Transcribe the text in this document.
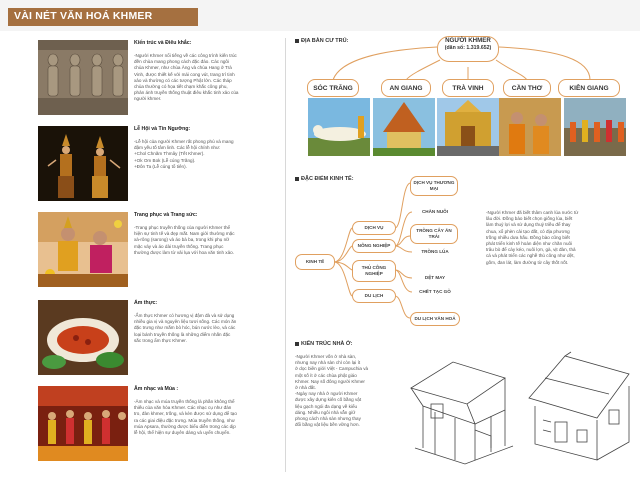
VÀI NÉT VĂN HOÁ KHMER
Kiến trúc và Điêu khắc:

-Người Khmer nổi tiếng về các công trình kiến trúc

đền chùa mang phong cách đặc đáo. Các ngôi

chùa Khmer, như chùa Ăng và chùa Hang ở Trà

Vinh, được thiết kế với mái cong vút, trang trí tinh

xảo và thường có các tượng Phật lớn. Các tháp

chùa thường có họa tiết chạm khắc công phu,

phản ánh truyền thống thuật điêu khắc tinh xảo của

người khmer.

Lễ Hội và Tín Ngưỡng:

-Lễ hội của người Khmer rất phong phú và mang

đậm yếu tố tâm linh. Các lễ hội chính như:

+Chol Chnăm Thmây (Tết Khmer).

+Ok Om Bok (Lễ cúng Trăng).

+Đôn Ta (Lễ cúng tổ tiên).

Trang phục và Trang sức:

-Trang phục truyền thống của người Khmer thể

hiện sự tinh tế và đẹp mắt. Nam giới thường mặc

xà-rông (sarong) và áo bà ba, trong khi phụ nữ

mặc váy và áo dài truyền thống. Trang phục

thường được làm từ vải lụa với hoa văn tinh xảo.

Ẩm thực:

-Ẩm thực Khmer có hương vị đậm đà và sử dụng

nhiều gia vị và nguyên liệu tươi sống. Các món ăn

đặc trưng như mắm bò hóc, bún nước lèo, và các

loại bánh truyền thống là những điểm nhấn đặc

sắc trong ẩm thực Khmer.

Âm nhạc và Múa :

-Âm nhạc và múa truyền thống là phần không thể

thiếu của văn hóa Khmer. Các nhạc cụ như đàn

tro, đàn khmer, trống, và kèn được sử dụng để tạo

ra các giai điệu đặc trưng. Múa truyền thống, như

múa Apsara, thường được biểu diễn trong các dịp

lễ hội, thể hiện sự duyên dáng và uyển chuyển.

ĐỊA BÀN CƯ TRÚ:	NGƯỜI KHMER
(dân số: 1.319.652)
SÓC TRĂNG	AN GIANG	TRÀ VINH	CẦN THƠ	KIÊN GIANG
ĐẶC ĐIỂM KINH TẾ:
KINH TẾ
DỊCH VỤ
NÔNG NGHIỆP
THỦ CÔNG NGHIỆP
DU LỊCH
DỊCH VỤ THƯƠNG MẠI
CHĂN NUÔI
TRỒNG CÂY ĂN TRÁI
TRỒNG LÚA
DỆT MAY
CHẾT TẠC GỖ
DU LỊCH VĂN HOÁ

-Người Khmer đã biết thâm canh lúa nước từ

lâu đời. Đồng bào biết chọn giống lúa, biết

làm thuỷ lợi và sử dụng thuỷ triều để thay

chua, xổ phèn cải tạo đất, có địa phương

trồng nhiều dưa hấu. Đồng bào cũng biết

phát triển kinh tế hoàn diện như chăn nuôi

trâu bò để cày kéo, nuôi lợn, gà, vịt đàn, thả

cá và phát triển các nghề thủ công như dệt,

gốm, đan lát, làm đường từ cây thốt nốt.

KIẾN TRÚC NHÀ Ở:

-Người Khmer vốn ở nhà sàn,

nhưng nay nhà sàn chỉ còn lại ít

ở dọc biên giới Việt - Campuchia và

một số ít ở các chùa phật giáo

Khmer. Nay số đông người Khmer

ở nhà đất.

-Ngày nay nhà ở người Khmer

được xây dựng kiên cố bằng vật

liệu gạch ngói đa dạng về kiểu

dáng. Nhiều ngôi nhà vẫn giữ

phong cách nhà sàn nhưng thay

đổi bằng vật liệu bền vững hơn.
